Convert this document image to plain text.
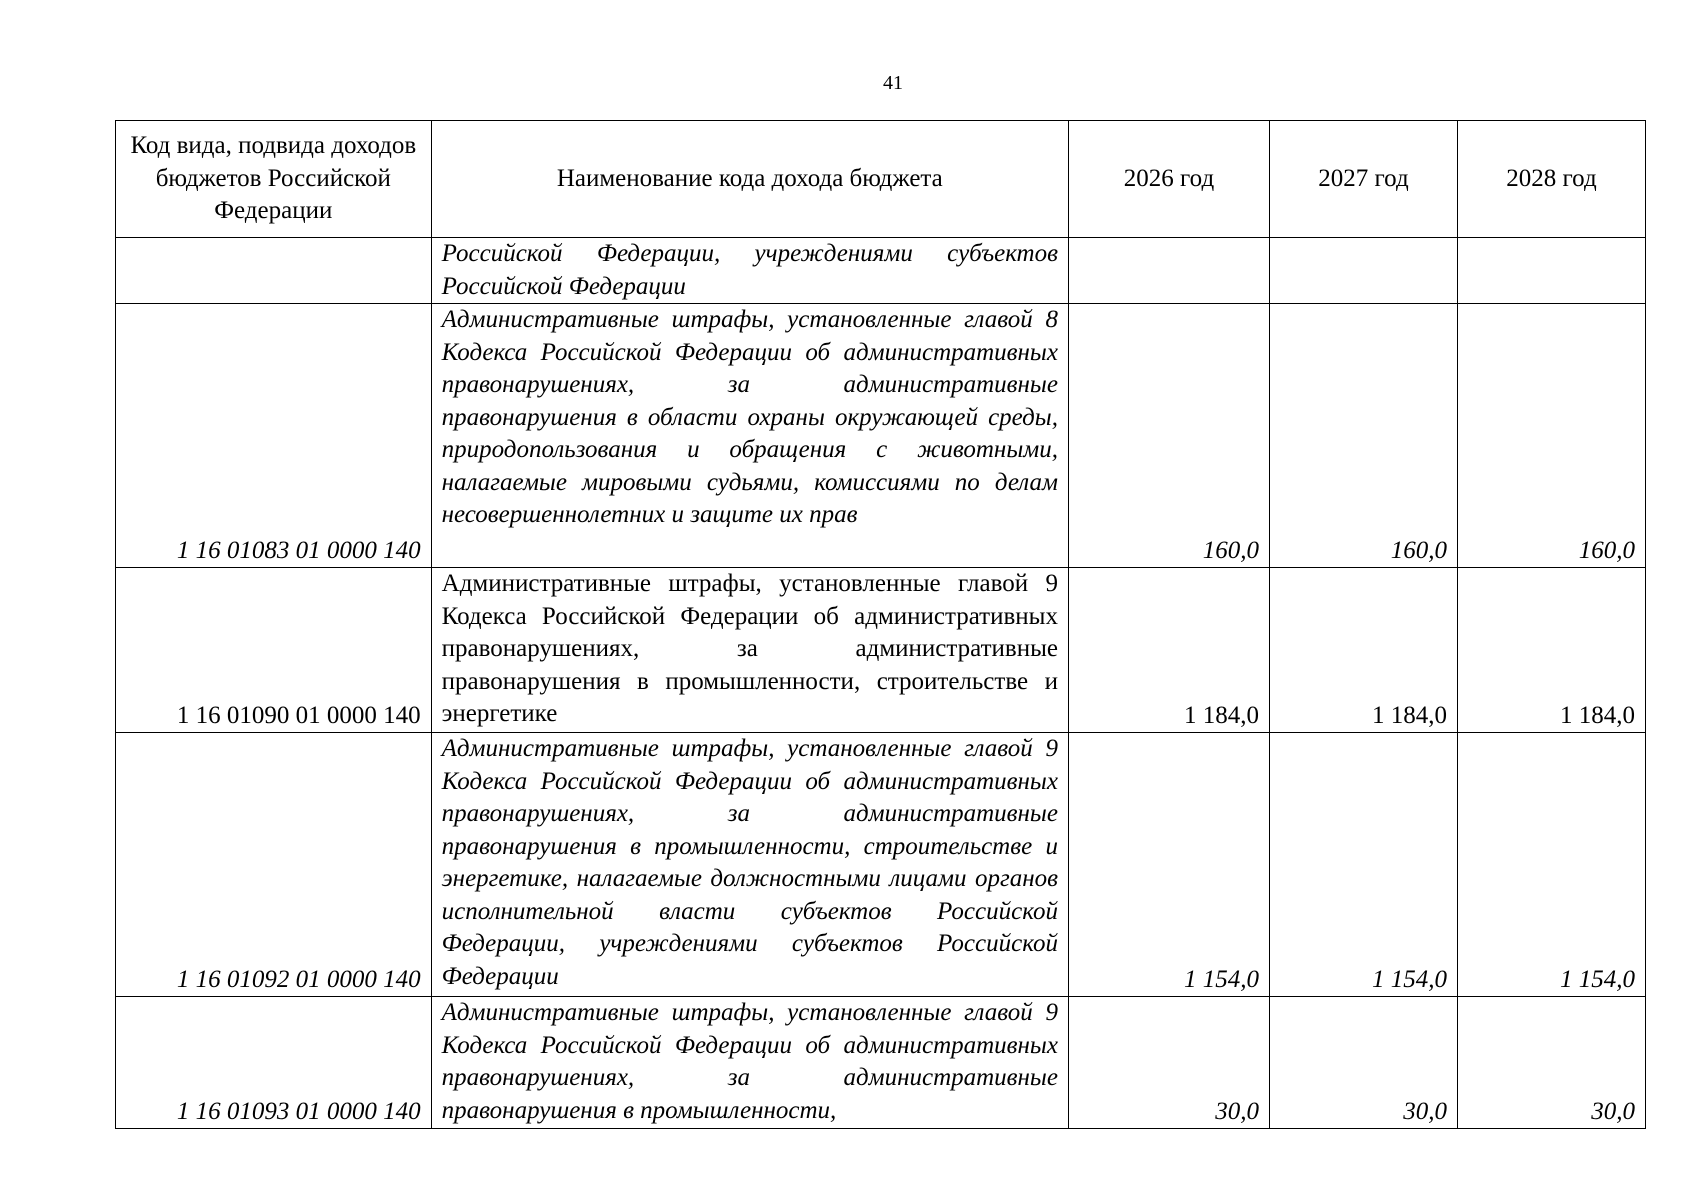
41
Код вида, подвида доходов бюджетов Российской Федерации	Наименование кода дохода бюджета	2026 год	2027 год	2028 год
	Российской Федерации, учреждениями субъектов Российской Федерации			
1 16 01083 01 0000 140	Административные штрафы, установленные главой 8 Кодекса Российской Федерации об административных правонарушениях, за административные правонарушения в области охраны окружающей среды, природопользования и обращения с животными, налагаемые мировыми судьями, комиссиями по делам несовершеннолетних и защите их прав	160,0	160,0	160,0
1 16 01090 01 0000 140	Административные штрафы, установленные главой 9 Кодекса Российской Федерации об административных правонарушениях, за административные правонарушения в промышленности, строительстве и энергетике	1 184,0	1 184,0	1 184,0
1 16 01092 01 0000 140	Административные штрафы, установленные главой 9 Кодекса Российской Федерации об административных правонарушениях, за административные правонарушения в промышленности, строительстве и энергетике, налагаемые должностными лицами органов исполнительной власти субъектов Российской Федерации, учреждениями субъектов Российской Федерации	1 154,0	1 154,0	1 154,0
1 16 01093 01 0000 140	Административные штрафы, установленные главой 9 Кодекса Российской Федерации об административных правонарушениях, за административные правонарушения в промышленности,	30,0	30,0	30,0
